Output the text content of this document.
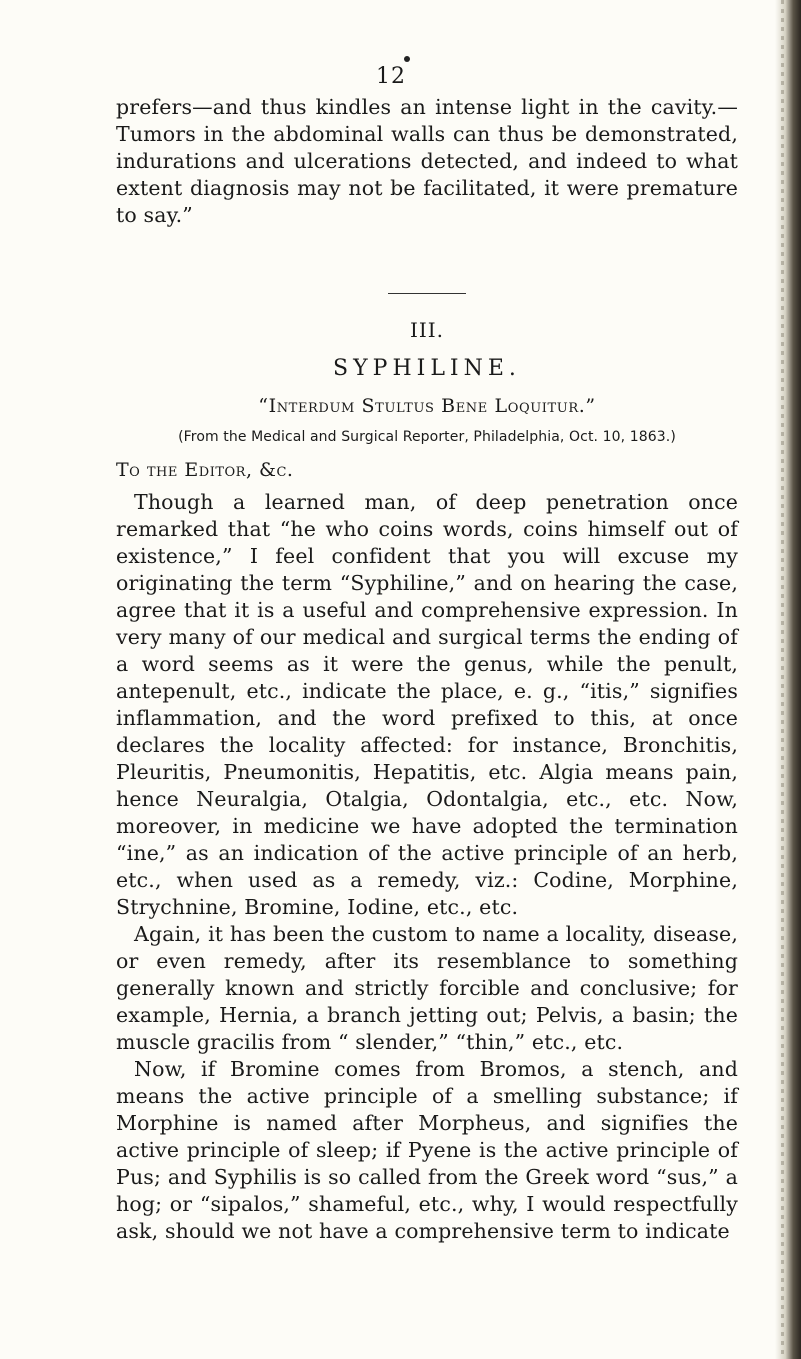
12

prefers—and thus kindles an intense light in the cavity.—Tumors in the abdominal walls can thus be demonstrated, indurations and ulcerations detected, and indeed to what extent diagnosis may not be facilitated, it were premature to say.”

III.
SYPHILINE.
“Interdum Stultus Bene Loquitur.”
(From the Medical and Surgical Reporter, Philadelphia, Oct. 10, 1863.)
To the Editor, &c.

Though a learned man, of deep penetration once remarked that “he who coins words, coins himself out of existence,” I feel confident that you will excuse my originating the term “Syphiline,” and on hearing the case, agree that it is a useful and comprehensive expression. In very many of our medical and surgical terms the ending of a word seems as it were the genus, while the penult, antepenult, etc., indicate the place, e. g., “itis,” signifies inflammation, and the word prefixed to this, at once declares the locality affected: for instance, Bronchitis, Pleuritis, Pneumonitis, Hepatitis, etc. Algia means pain, hence Neuralgia, Otalgia, Odontalgia, etc., etc. Now, moreover, in medicine we have adopted the termination “ine,” as an indication of the active principle of an herb, etc., when used as a remedy, viz.: Codine, Morphine, Strychnine, Bromine, Iodine, etc., etc.

Again, it has been the custom to name a locality, disease, or even remedy, after its resemblance to something generally known and strictly forcible and conclusive; for example, Hernia, a branch jetting out; Pelvis, a basin; the muscle gracilis from “ slender,” “thin,” etc., etc.

Now, if Bromine comes from Bromos, a stench, and means the active principle of a smelling substance; if Morphine is named after Morpheus, and signifies the active principle of sleep; if Pyene is the active principle of Pus; and Syphilis is so called from the Greek word “sus,” a hog; or “sipalos,” shameful, etc., why, I would respectfully ask, should we not have a comprehensive term to indicate
